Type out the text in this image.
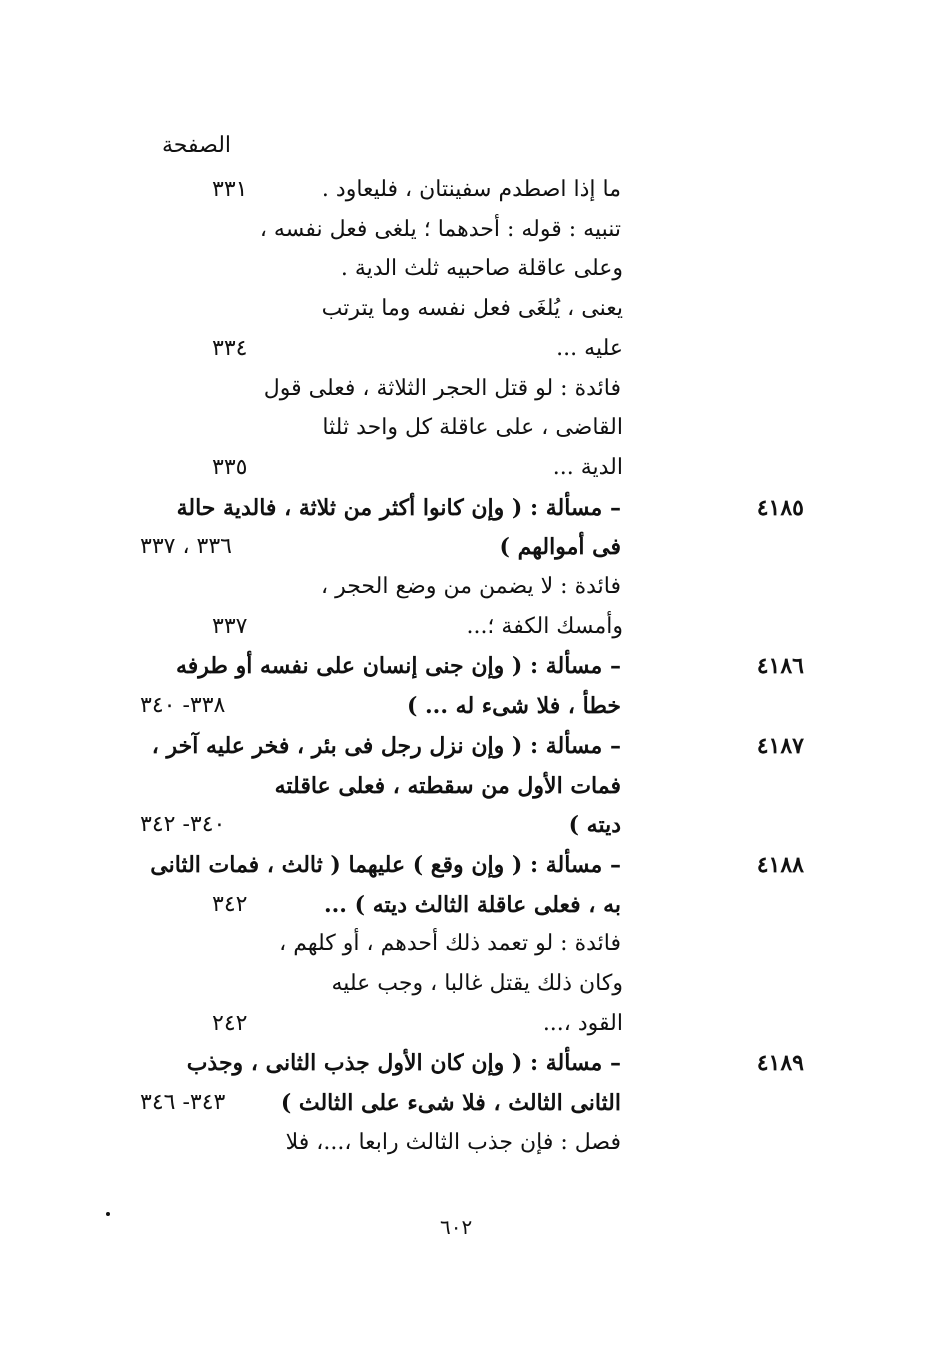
الصفحة
ما إذا اصطدم سفينتان ، فليعاود .
٣٣١
تنبيه : قوله : أحدهما ؛ يلغى فعل نفسه ،
وعلى عاقلة صاحبيه ثلث الدية .
يعنى ، يُلغَى فعل نفسه وما يترتب
عليه ...
٣٣٤
فائدة : لو قتل الحجر الثلاثة ، فعلى قول
القاضى ، على عاقلة كل واحد ثلثا
الدية ...
٣٣٥
٤١٨٥
– مسألة : ( وإن كانوا أكثر من ثلاثة ، فالدية حالة
فى أموالهم )
٣٣٦ ، ٣٣٧
فائدة : لا يضمن من وضع الحجر ،
وأمسك الكفة ؛...
٣٣٧
٤١٨٦
– مسألة : ( وإن جنى إنسان على نفسه أو طرفه
خطأ ، فلا شىء له ... )
٣٣٨- ٣٤٠
٤١٨٧
– مسألة : ( وإن نزل رجل فى بئر ، فخر عليه آخر ،
فمات الأول من سقطته ، فعلى عاقلته
ديته )
٣٤٠- ٣٤٢
٤١٨٨
– مسألة : ( وإن وقع ) عليهما ( ثالث ، فمات الثانى
به ، فعلى عاقلة الثالث ديته ) ...
٣٤٢
فائدة : لو تعمد ذلك أحدهم ، أو كلهم ،
وكان ذلك يقتل غالبا ، وجب عليه
القود ،...
٢٤٢
٤١٨٩
– مسألة : ( وإن كان الأول جذب الثانى ، وجذب
الثانى الثالث ، فلا شىء على الثالث )
٣٤٣- ٣٤٦
فصل : فإن جذب الثالث رابعا ،...، فلا
٦٠٢
